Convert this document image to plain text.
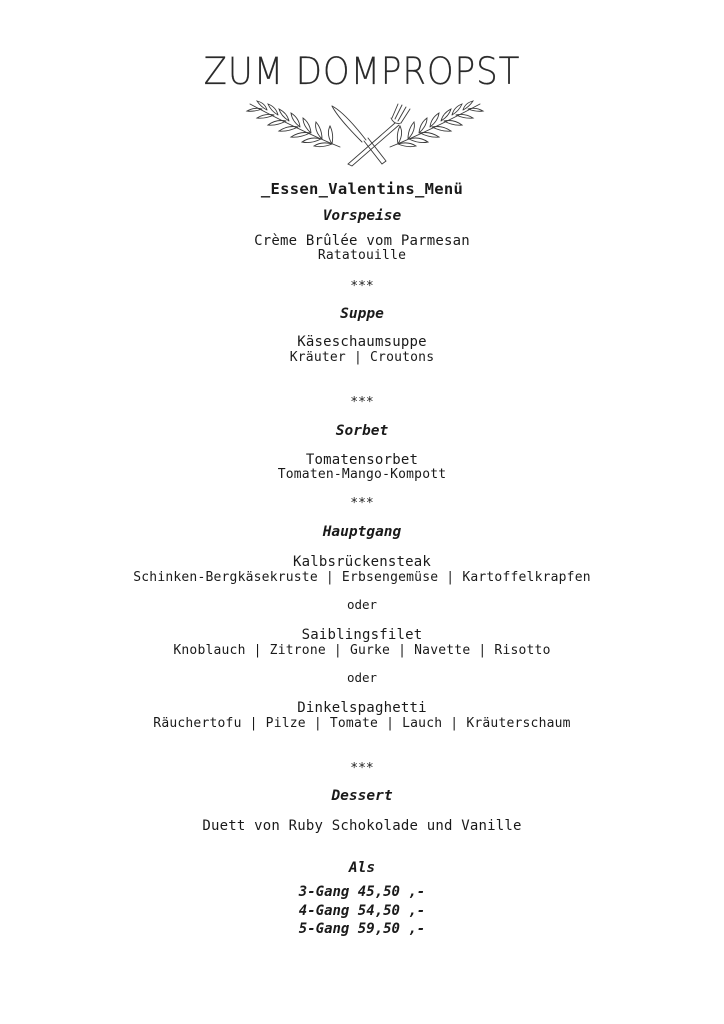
ZUM DOMPROPST
_Essen_Valentins_Menü
Vorspeise
Crème Brûlée vom Parmesan
Ratatouille
***
Suppe
Käseschaumsuppe
Kräuter | Croutons
***
Sorbet
Tomatensorbet
Tomaten-Mango-Kompott
***
Hauptgang
Kalbsrückensteak
Schinken-Bergkäsekruste | Erbsengemüse | Kartoffelkrapfen
oder
Saiblingsfilet
Knoblauch | Zitrone | Gurke | Navette | Risotto
oder
Dinkelspaghetti
Räuchertofu | Pilze | Tomate | Lauch | Kräuterschaum
***
Dessert
Duett von Ruby Schokolade und Vanille
Als
3-Gang 45,50 ,-
4-Gang 54,50 ,-
5-Gang 59,50 ,-
